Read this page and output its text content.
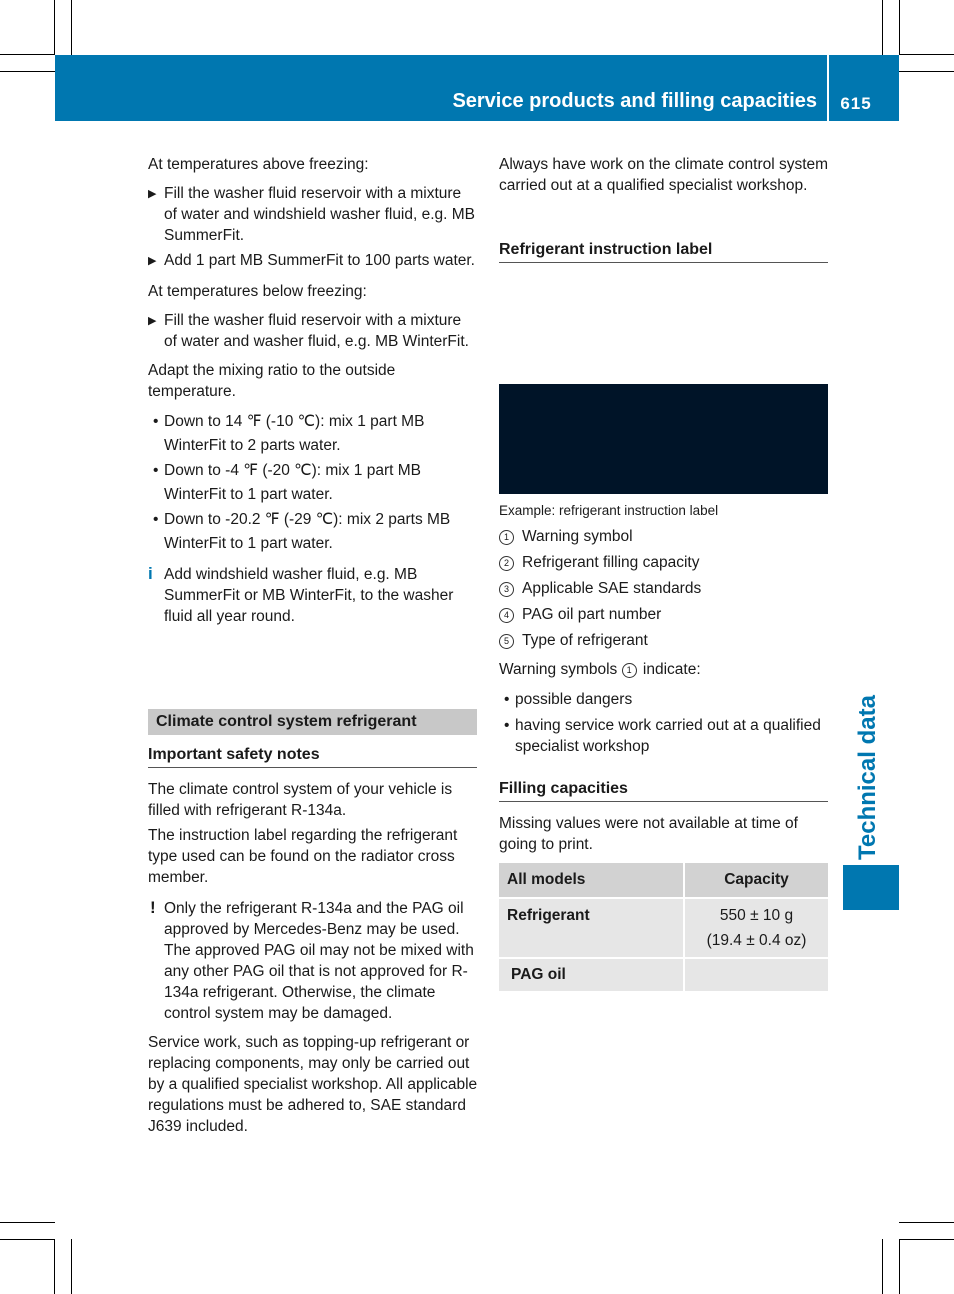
Service products and filling capacities	615
Technical data

At temperatures above freezing:

▶ Fill the washer fluid reservoir with a mixture of water and windshield washer fluid, e.g. MB SummerFit.

▶ Add 1 part MB SummerFit to 100 parts water.

At temperatures below freezing:

▶ Fill the washer fluid reservoir with a mixture of water and washer fluid, e.g. MB WinterFit.

Adapt the mixing ratio to the outside temperature.

• Down to 14 ℉ (-10 ℃): mix 1 part MB WinterFit to 2 parts water.

• Down to -4 ℉ (-20 ℃): mix 1 part MB WinterFit to 1 part water.

• Down to -20.2 ℉ (-29 ℃): mix 2 parts MB WinterFit to 1 part water.

i Add windshield washer fluid, e.g. MB SummerFit or MB WinterFit, to the washer fluid all year round.

Climate control system refrigerant
Important safety notes

The climate control system of your vehicle is filled with refrigerant R-134a.

The instruction label regarding the refrigerant type used can be found on the radiator cross member.

! Only the refrigerant R-134a and the PAG oil approved by Mercedes-Benz may be used. The approved PAG oil may not be mixed with any other PAG oil that is not approved for R-134a refrigerant. Otherwise, the climate control system may be damaged.

Service work, such as topping-up refrigerant or replacing components, may only be carried out by a qualified specialist workshop. All applicable regulations must be adhered to, SAE standard J639 included.

Always have work on the climate control system carried out at a qualified specialist workshop.

Refrigerant instruction label
Example: refrigerant instruction label

1 Warning symbol

2 Refrigerant filling capacity

3 Applicable SAE standards

4 PAG oil part number

5 Type of refrigerant

Warning symbols 1 indicate:

• possible dangers

• having service work carried out at a qualified specialist workshop

Filling capacities

Missing values were not available at time of going to print.

All models	Capacity
Refrigerant	550 ± 10 g
(19.4 ± 0.4 oz)

PAG oil	
